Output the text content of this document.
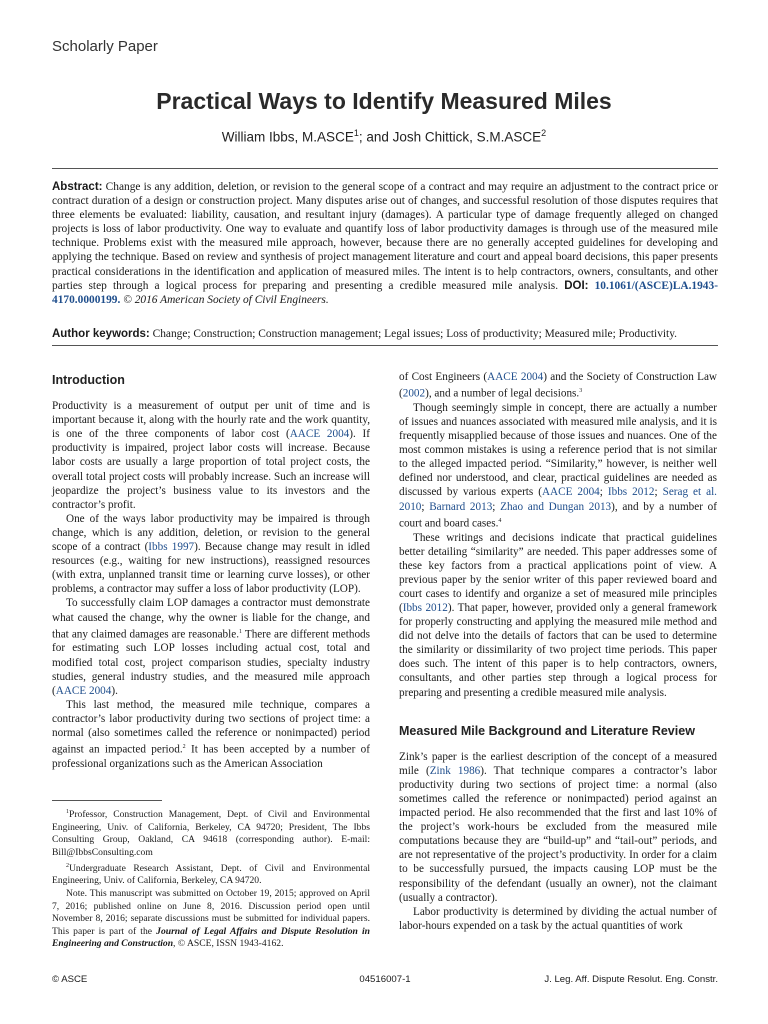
Scholarly Paper
Practical Ways to Identify Measured Miles
William Ibbs, M.ASCE$^1$; and Josh Chittick, S.M.ASCE$^2$

Abstract: Change is any addition, deletion, or revision to the general scope of a contract and may require an adjustment to the contract price or contract duration of a design or construction project. Many disputes arise out of changes, and successful resolution of those disputes requires that three elements be evaluated: liability, causation, and resultant injury (damages). A particular type of damage frequently alleged on changed projects is loss of labor productivity. One way to evaluate and quantify loss of labor productivity damages is through use of the measured mile technique. Problems exist with the measured mile approach, however, because there are no generally accepted guidelines for developing and applying the technique. Based on review and synthesis of project management literature and court and appeal board decisions, this paper presents practical considerations in the identification and application of measured miles. The intent is to help contractors, owners, consultants, and other parties step through a logical process for preparing and presenting a credible measured mile analysis. DOI: 10.1061/(ASCE)LA.1943-4170.0000199. © 2016 American Society of Civil Engineers.

Author keywords: Change; Construction; Construction management; Legal issues; Loss of productivity; Measured mile; Productivity.
Introduction

Productivity is a measurement of output per unit of time and is important because it, along with the hourly rate and the work quantity, is one of the three components of labor cost (AACE 2004). If productivity is impaired, project labor costs will increase. Because labor costs are usually a large proportion of total project costs, the overall total project costs will probably increase. Such an increase will jeopardize the project’s business value to its investors and the contractor’s profit.

One of the ways labor productivity may be impaired is through change, which is any addition, deletion, or revision to the general scope of a contract (Ibbs 1997). Because change may result in idled resources (e.g., waiting for new instructions), reassigned resources (with extra, unplanned transit time or learning curve losses), or other problems, a contractor may suffer a loss of labor productivity (LOP).

To successfully claim LOP damages a contractor must demonstrate what caused the change, why the owner is liable for the change, and that any claimed damages are reasonable.$^1$ There are different methods for estimating such LOP losses including actual cost, total and modified total cost, project comparison studies, specialty industry studies, general industry studies, and the measured mile approach (AACE 2004).

This last method, the measured mile technique, compares a contractor’s labor productivity during two sections of project time: a normal (also sometimes called the reference or nonimpacted) period against an impacted period.$^2$ It has been accepted by a number of professional organizations such as the American Association

of Cost Engineers (AACE 2004) and the Society of Construction Law (2002), and a number of legal decisions.$^3$

Though seemingly simple in concept, there are actually a number of issues and nuances associated with measured mile analysis, and it is frequently misapplied because of those issues and nuances. One of the most common mistakes is using a reference period that is not similar to the alleged impacted period. “Similarity,” however, is neither well defined nor understood, and clear, practical guidelines are needed as discussed by various experts (AACE 2004; Ibbs 2012; Serag et al. 2010; Barnard 2013; Zhao and Dungan 2013), and by a number of court and board cases.$^4$

These writings and decisions indicate that practical guidelines better detailing “similarity” are needed. This paper addresses some of these key factors from a practical applications point of view. A previous paper by the senior writer of this paper reviewed board and court cases to identify and organize a set of measured mile principles (Ibbs 2012). That paper, however, provided only a general framework for properly constructing and applying the measured mile method and did not delve into the details of factors that can be used to determine the similarity or dissimilarity of two project time periods. This paper does such. The intent of this paper is to help contractors, owners, consultants, and other parties step through a logical process for preparing and presenting a credible measured mile analysis.

Measured Mile Background and Literature Review

Zink’s paper is the earliest description of the concept of a measured mile (Zink 1986). That technique compares a contractor’s labor productivity during two sections of project time: a normal (also sometimes called the reference or nonimpacted) period against an impacted period. He also recommended that the first and last 10% of the project’s work-hours be excluded from the measured mile computations because they are “build-up” and “tail-out” periods, and are not representative of the project’s productivity. In order for a claim to be successfully pursued, the impacts causing LOP must be the responsibility of the defendant (usually an owner), not the claimant (usually a contractor).

Labor productivity is determined by dividing the actual number of labor-hours expended on a task by the actual quantities of work

$^1$Professor, Construction Management, Dept. of Civil and Environmental Engineering, Univ. of California, Berkeley, CA 94720; President, The Ibbs Consulting Group, Oakland, CA 94618 (corresponding author). E-mail: Bill@IbbsConsulting.com

$^2$Undergraduate Research Assistant, Dept. of Civil and Environmental Engineering, Univ. of California, Berkeley, CA 94720.

Note. This manuscript was submitted on October 19, 2015; approved on April 7, 2016; published online on June 8, 2016. Discussion period open until November 8, 2016; separate discussions must be submitted for individual papers. This paper is part of the Journal of Legal Affairs and Dispute Resolution in Engineering and Construction, © ASCE, ISSN 1943-4162.

© ASCE	04516007-1	J. Leg. Aff. Dispute Resolut. Eng. Constr.
